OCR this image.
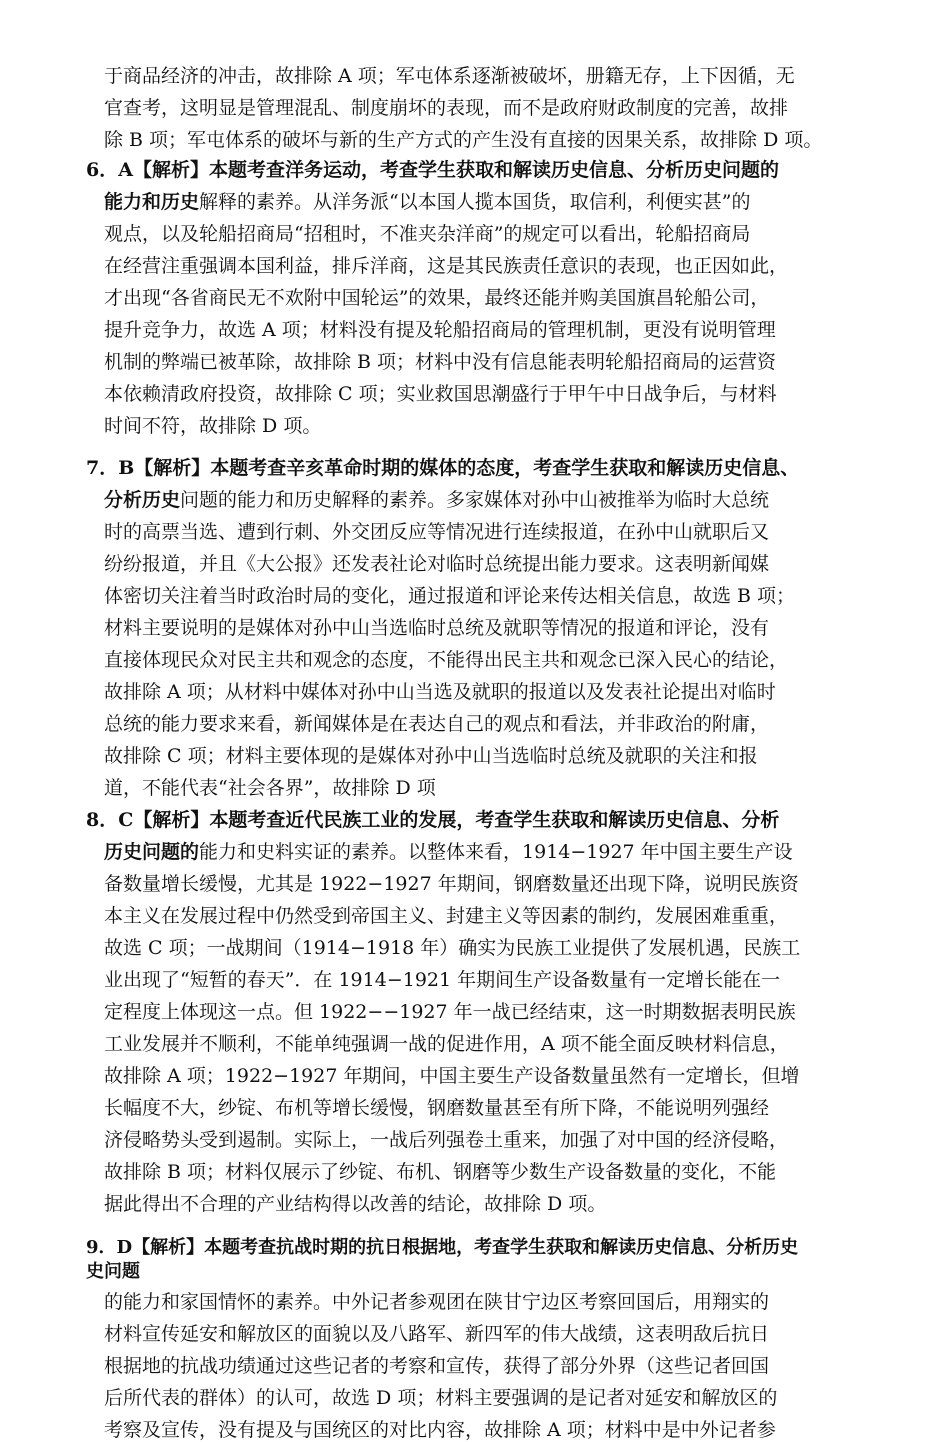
于商品经济的冲击，故排除 A 项；军屯体系逐渐被破坏，册籍无存，上下因循，无
官查考，这明显是管理混乱、制度崩坏的表现，而不是政府财政制度的完善，故排
除 B 项；军屯体系的破坏与新的生产方式的产生没有直接的因果关系，故排除 D 项。
6．A【解析】本题考查洋务运动，考查学生获取和解读历史信息、分析历史问题的
能力和历史解释的素养。从洋务派“以本国人揽本国货，取信利，利便实甚”的
观点，以及轮船招商局“招租时，不准夹杂洋商”的规定可以看出，轮船招商局
在经营注重强调本国利益，排斥洋商，这是其民族责任意识的表现，也正因如此，
才出现“各省商民无不欢附中国轮运”的效果，最终还能并购美国旗昌轮船公司，
提升竞争力，故选 A 项；材料没有提及轮船招商局的管理机制，更没有说明管理
机制的弊端已被革除，故排除 B 项；材料中没有信息能表明轮船招商局的运营资
本依赖清政府投资，故排除 C 项；实业救国思潮盛行于甲午中日战争后，与材料
时间不符，故排除 D 项。
7．B【解析】本题考查辛亥革命时期的媒体的态度，考查学生获取和解读历史信息、
分析历史问题的能力和历史解释的素养。多家媒体对孙中山被推举为临时大总统
时的高票当选、遭到行刺、外交团反应等情况进行连续报道，在孙中山就职后又
纷纷报道，并且《大公报》还发表社论对临时总统提出能力要求。这表明新闻媒
体密切关注着当时政治时局的变化，通过报道和评论来传达相关信息，故选 B 项；
材料主要说明的是媒体对孙中山当选临时总统及就职等情况的报道和评论，没有
直接体现民众对民主共和观念的态度，不能得出民主共和观念已深入民心的结论，
故排除 A 项；从材料中媒体对孙中山当选及就职的报道以及发表社论提出对临时
总统的能力要求来看，新闻媒体是在表达自己的观点和看法，并非政治的附庸，
故排除 C 项；材料主要体现的是媒体对孙中山当选临时总统及就职的关注和报
道，不能代表“社会各界”，故排除 D 项
8．C【解析】本题考查近代民族工业的发展，考查学生获取和解读历史信息、分析
历史问题的能力和史料实证的素养。以整体来看，1914−1927 年中国主要生产设
备数量增长缓慢，尤其是 1922−1927 年期间，钢磨数量还出现下降，说明民族资
本主义在发展过程中仍然受到帝国主义、封建主义等因素的制约，发展困难重重，
故选 C 项；一战期间（1914−1918 年）确实为民族工业提供了发展机遇，民族工
业出现了“短暂的春天”．在 1914−1921 年期间生产设备数量有一定增长能在一
定程度上体现这一点。但 1922−−1927 年一战已经结束，这一时期数据表明民族
工业发展并不顺利，不能单纯强调一战的促进作用，A 项不能全面反映材料信息，
故排除 A 项；1922−1927 年期间，中国主要生产设备数量虽然有一定增长，但增
长幅度不大，纱锭、布机等增长缓慢，钢磨数量甚至有所下降，不能说明列强经
济侵略势头受到遏制。实际上，一战后列强卷土重来，加强了对中国的经济侵略，
故排除 B 项；材料仅展示了纱锭、布机、钢磨等少数生产设备数量的变化，不能
据此得出不合理的产业结构得以改善的结论，故排除 D 项。
9．D【解析】本题考查抗战时期的抗日根据地，考查学生获取和解读历史信息、分析历史
史问题
的能力和家国情怀的素养。中外记者参观团在陕甘宁边区考察回国后，用翔实的
材料宣传延安和解放区的面貌以及八路军、新四军的伟大战绩，这表明敌后抗日
根据地的抗战功绩通过这些记者的考察和宣传，获得了部分外界（这些记者回国
后所代表的群体）的认可，故选 D 项；材料主要强调的是记者对延安和解放区的
考察及宣传，没有提及与国统区的对比内容，故排除 A 项；材料中是中外记者参
